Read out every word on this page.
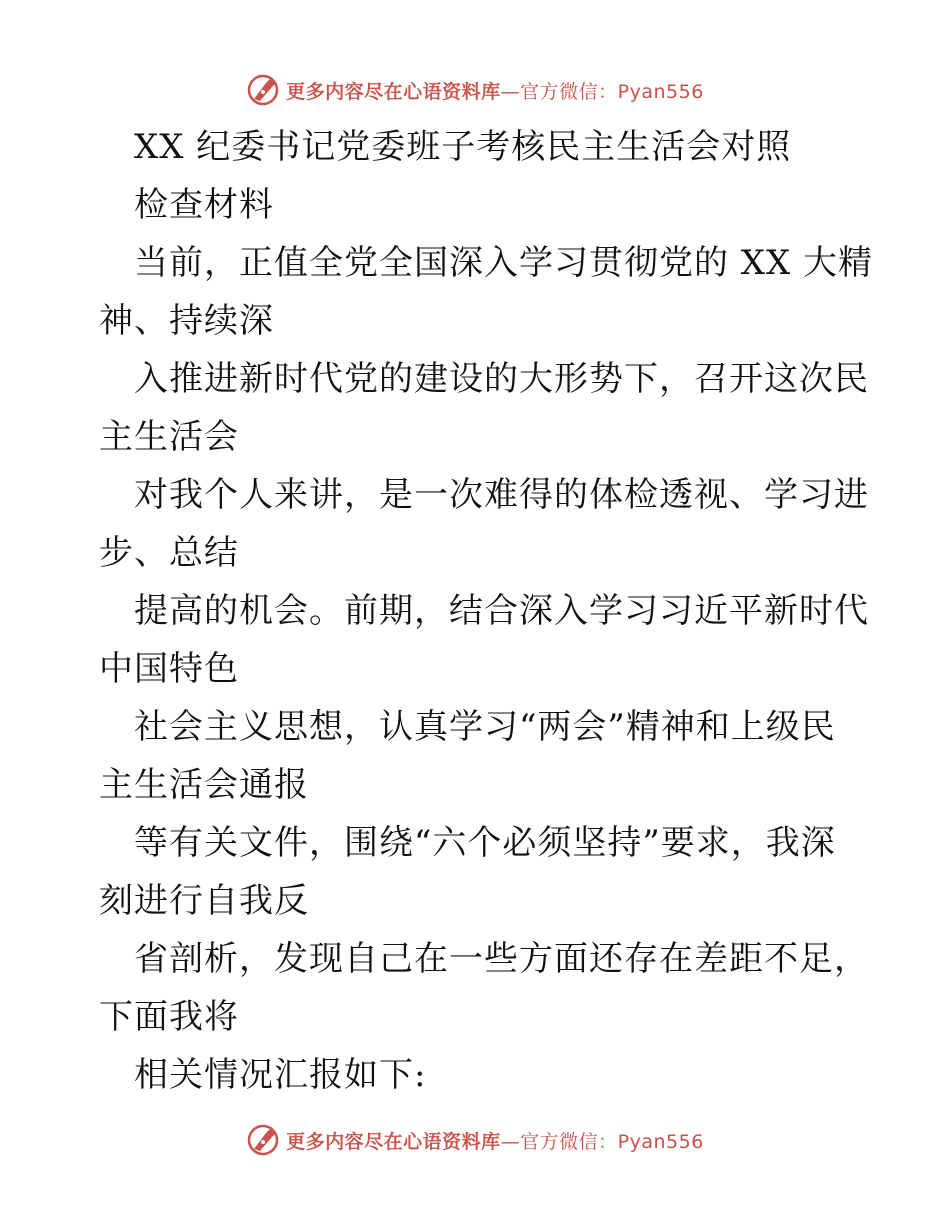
更多内容尽在心语资料库—官方微信：Pyan556
XX 纪委书记党委班子考核民主生活会对照
检查材料
当前，正值全党全国深入学习贯彻党的 XX 大精
神、持续深
入推进新时代党的建设的大形势下，召开这次民
主生活会
对我个人来讲，是一次难得的体检透视、学习进
步、总结
提高的机会。前期，结合深入学习习近平新时代
中国特色
社会主义思想，认真学习“两会”精神和上级民
主生活会通报
等有关文件，围绕“六个必须坚持”要求，我深
刻进行自我反
省剖析，发现自己在一些方面还存在差距不足，
下面我将
相关情况汇报如下:
更多内容尽在心语资料库—官方微信：Pyan556
